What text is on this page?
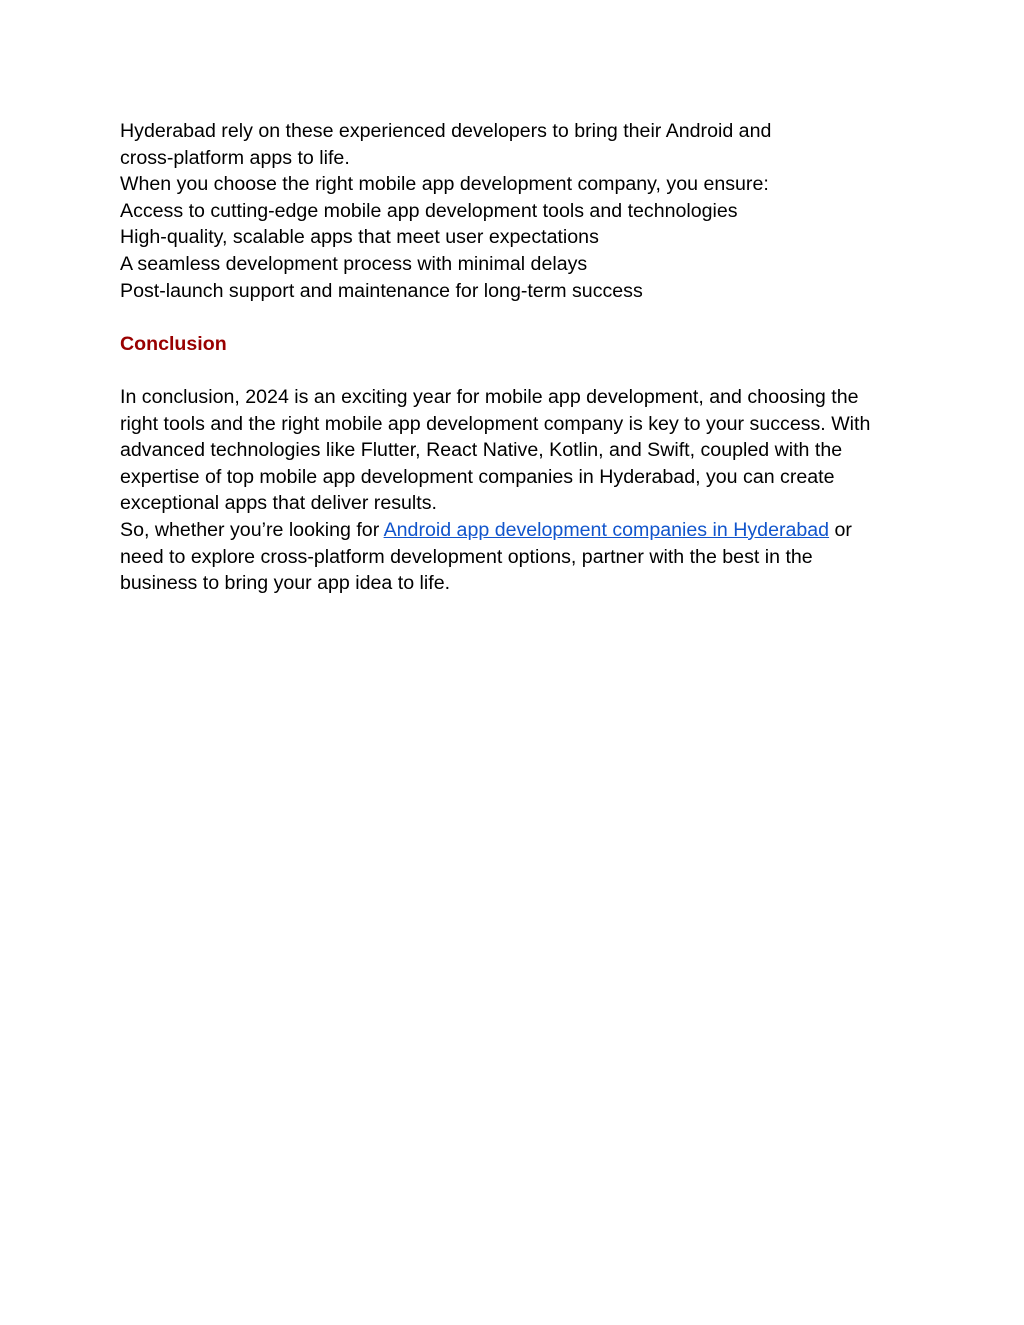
Hyderabad rely on these experienced developers to bring their Android and

cross-platform apps to life.

When you choose the right mobile app development company, you ensure:

Access to cutting-edge mobile app development tools and technologies

High-quality, scalable apps that meet user expectations

A seamless development process with minimal delays

Post-launch support and maintenance for long-term success

Conclusion

In conclusion, 2024 is an exciting year for mobile app development, and choosing the

right tools and the right mobile app development company is key to your success. With

advanced technologies like Flutter, React Native, Kotlin, and Swift, coupled with the

expertise of top mobile app development companies in Hyderabad, you can create

exceptional apps that deliver results.

So, whether you’re looking for Android app development companies in Hyderabad or

need to explore cross-platform development options, partner with the best in the

business to bring your app idea to life.
